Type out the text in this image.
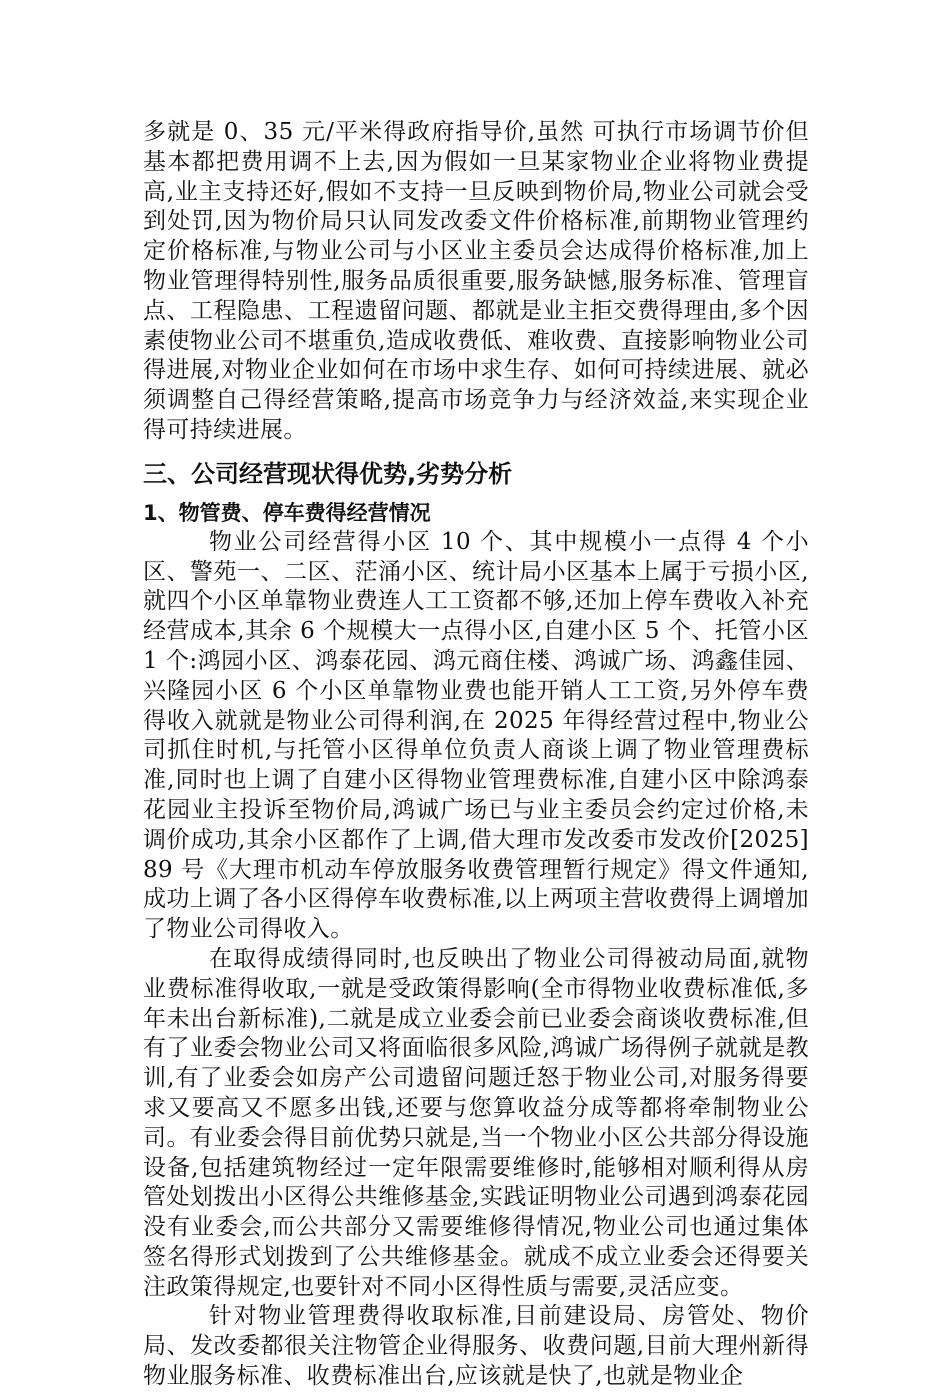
多就是 0、35 元/平米得政府指导价,虽然 可执行市场调节价但基本都把费用调不上去,因为假如一旦某家物业企业将物业费提高,业主支持还好,假如不支持一旦反映到物价局,物业公司就会受到处罚,因为物价局只认同发改委文件价格标准,前期物业管理约定价格标准,与物业公司与小区业主委员会达成得价格标准,加上物业管理得特别性,服务品质很重要,服务缺憾,服务标准、管理盲点、工程隐患、工程遗留问题、都就是业主拒交费得理由,多个因素使物业公司不堪重负,造成收费低、难收费、直接影响物业公司得进展,对物业企业如何在市场中求生存、如何可持续进展、就必须调整自己得经营策略,提高市场竞争力与经济效益,来实现企业得可持续进展。

三、公司经营现状得优势,劣势分析
1、物管费、停车费得经营情况

物业公司经营得小区 10 个、其中规模小一点得 4 个小区、警苑一、二区、茫涌小区、统计局小区基本上属于亏损小区,就四个小区单靠物业费连人工工资都不够,还加上停车费收入补充经营成本,其余 6 个规模大一点得小区,自建小区 5 个、托管小区 1 个:鸿园小区、鸿泰花园、鸿元商住楼、鸿诚广场、鸿鑫佳园、兴隆园小区 6 个小区单靠物业费也能开销人工工资,另外停车费得收入就就是物业公司得利润,在 2025 年得经营过程中,物业公司抓住时机,与托管小区得单位负责人商谈上调了物业管理费标准,同时也上调了自建小区得物业管理费标准,自建小区中除鸿泰花园业主投诉至物价局,鸿诚广场已与业主委员会约定过价格,未调价成功,其余小区都作了上调,借大理市发改委市发改价[2025]89 号《大理市机动车停放服务收费管理暂行规定》得文件通知,成功上调了各小区得停车收费标准,以上两项主营收费得上调增加了物业公司得收入。

在取得成绩得同时,也反映出了物业公司得被动局面,就物业费标准得收取,一就是受政策得影响(全市得物业收费标准低,多年未出台新标准),二就是成立业委会前已业委会商谈收费标准,但有了业委会物业公司又将面临很多风险,鸿诚广场得例子就就是教训,有了业委会如房产公司遗留问题迁怒于物业公司,对服务得要求又要高又不愿多出钱,还要与您算收益分成等都将牵制物业公司。有业委会得目前优势只就是,当一个物业小区公共部分得设施设备,包括建筑物经过一定年限需要维修时,能够相对顺利得从房管处划拨出小区得公共维修基金,实践证明物业公司遇到鸿泰花园没有业委会,而公共部分又需要维修得情况,物业公司也通过集体签名得形式划拨到了公共维修基金。就成不成立业委会还得要关注政策得规定,也要针对不同小区得性质与需要,灵活应变。

针对物业管理费得收取标准,目前建设局、房管处、物价局、发改委都很关注物管企业得服务、收费问题,目前大理州新得物业服务标准、收费标准出台,应该就是快了,也就是物业企
